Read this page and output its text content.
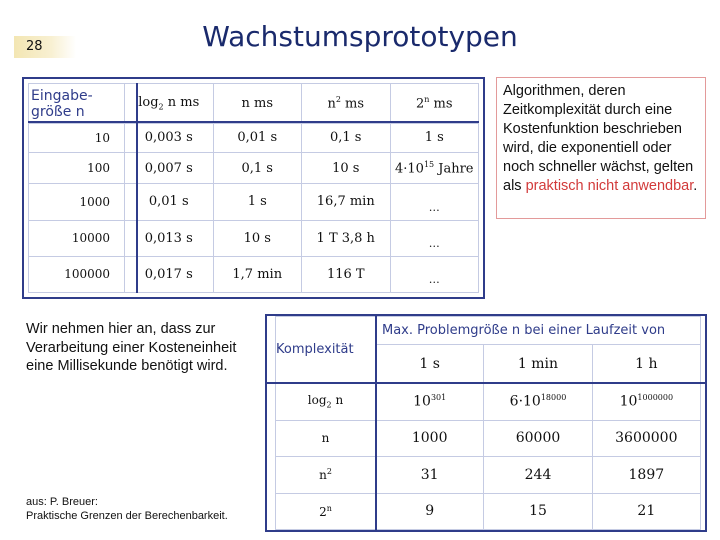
28	Wachstumsprototypen
Eingabe-
größe n	$\log_2 n$ ms	n ms	$n^2$ ms	2$^n$ ms
10	0,003 s	0,01 s	0,1 s	1 s
100	0,007 s	0,1 s	10 s	$4\cdot 10^{15}$ Jahre
1000	0,01 s	1 s	16,7 min	…
10000	0,013 s	10 s	1 T 3,8 h	…
100000	0,017 s	1,7 min	116 T	…
Algorithmen, deren Zeitkomplexität durch eine Kostenfunktion beschrieben wird, die exponentiell oder noch schneller wächst, gelten als praktisch nicht anwendbar.
Wir nehmen hier an, dass zur Verarbeitung einer Kosteneinheit eine Millisekunde benötigt wird.
aus: P. Breuer:
Praktische Grenzen der Berechenbarkeit.
Komplexität	Max. Problemgröße n bei einer Laufzeit von		
	1 s	1 min	1 h
$\log_2 n$	$10^{301}$	$6\cdot 10^{18000}$	$10^{1000000}$
n	1000	60000	3600000
$n^2$	31	244	1897
2$^n$	9	15	21
